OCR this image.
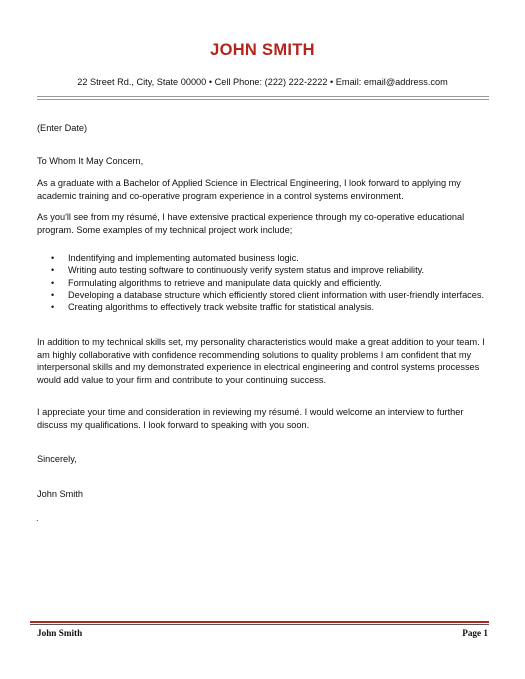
JOHN SMITH
22 Street Rd., City, State 00000 • Cell Phone: (222) 222-2222 • Email: email@address.com
(Enter Date)
To Whom It May Concern,
As a graduate with a Bachelor of Applied Science in Electrical Engineering, I look forward to applying my academic training and co-operative program experience in a control systems environment.
As you'll see from my résumé, I have extensive practical experience through my co-operative educational program. Some examples of my technical project work include;
• Indentifying and implementing automated business logic.
• Writing auto testing software to continuously verify system status and improve reliability.
• Formulating algorithms to retrieve and manipulate data quickly and efficiently.
• Developing a database structure which efficiently stored client information with user-friendly interfaces.
• Creating algorithms to effectively track website traffic for statistical analysis.
In addition to my technical skills set, my personality characteristics would make a great addition to your team. I am highly collaborative with confidence recommending solutions to quality problems I am confident that my interpersonal skills and my demonstrated experience in electrical engineering and control systems processes would add value to your firm and contribute to your continuing success.
I appreciate your time and consideration in reviewing my résumé. I would welcome an interview to further discuss my qualifications. I look forward to speaking with you soon.
Sincerely,
John Smith
.
John Smith	Page 1
